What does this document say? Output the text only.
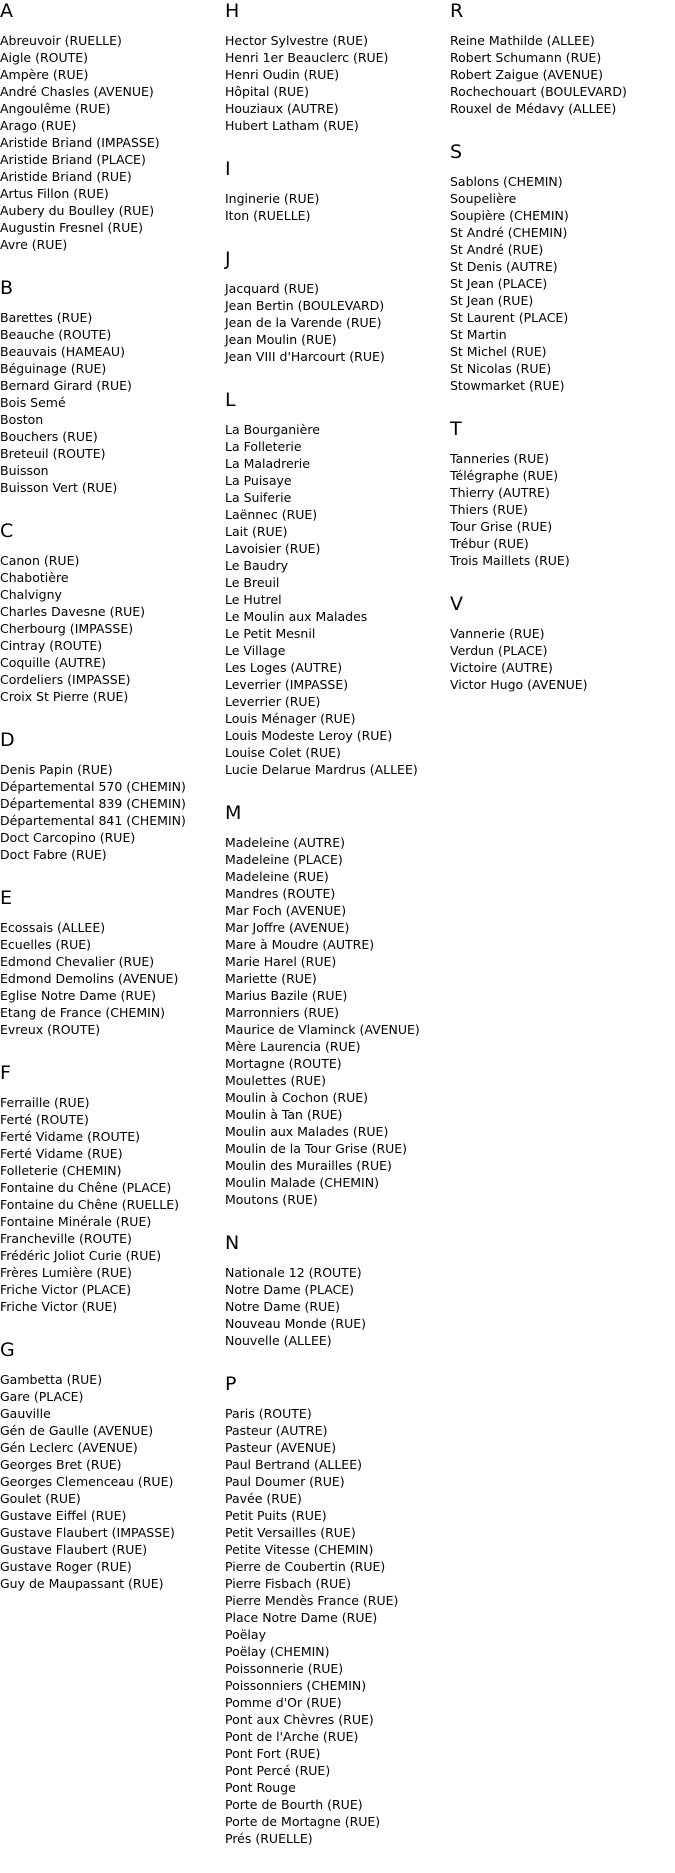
A
Abreuvoir (RUELLE)
Aigle (ROUTE)
Ampère (RUE)
André Chasles (AVENUE)
Angoulême (RUE)
Arago (RUE)
Aristide Briand (IMPASSE)
Aristide Briand (PLACE)
Aristide Briand (RUE)
Artus Fillon (RUE)
Aubery du Boulley (RUE)
Augustin Fresnel (RUE)
Avre (RUE)
B
Barettes (RUE)
Beauche (ROUTE)
Beauvais (HAMEAU)
Béguinage (RUE)
Bernard Girard (RUE)
Bois Semé
Boston
Bouchers (RUE)
Breteuil (ROUTE)
Buisson
Buisson Vert (RUE)
C
Canon (RUE)
Chabotière
Chalvigny
Charles Davesne (RUE)
Cherbourg (IMPASSE)
Cintray (ROUTE)
Coquille (AUTRE)
Cordeliers (IMPASSE)
Croix St Pierre (RUE)
D
Denis Papin (RUE)
Départemental 570 (CHEMIN)
Départemental 839 (CHEMIN)
Départemental 841 (CHEMIN)
Doct Carcopino (RUE)
Doct Fabre (RUE)
E
Ecossais (ALLEE)
Ecuelles (RUE)
Edmond Chevalier (RUE)
Edmond Demolins (AVENUE)
Eglise Notre Dame (RUE)
Etang de France (CHEMIN)
Evreux (ROUTE)
F
Ferraille (RUE)
Ferté (ROUTE)
Ferté Vidame (ROUTE)
Ferté Vidame (RUE)
Folleterie (CHEMIN)
Fontaine du Chêne (PLACE)
Fontaine du Chêne (RUELLE)
Fontaine Minérale (RUE)
Francheville (ROUTE)
Frédéric Joliot Curie (RUE)
Frères Lumière (RUE)
Friche Victor (PLACE)
Friche Victor (RUE)
G
Gambetta (RUE)
Gare (PLACE)
Gauville
Gén de Gaulle (AVENUE)
Gén Leclerc (AVENUE)
Georges Bret (RUE)
Georges Clemenceau (RUE)
Goulet (RUE)
Gustave Eiffel (RUE)
Gustave Flaubert (IMPASSE)
Gustave Flaubert (RUE)
Gustave Roger (RUE)
Guy de Maupassant (RUE)
H
Hector Sylvestre (RUE)
Henri 1er Beauclerc (RUE)
Henri Oudin (RUE)
Hôpital (RUE)
Houziaux (AUTRE)
Hubert Latham (RUE)
I
Inginerie (RUE)
Iton (RUELLE)
J
Jacquard (RUE)
Jean Bertin (BOULEVARD)
Jean de la Varende (RUE)
Jean Moulin (RUE)
Jean VIII d'Harcourt (RUE)
L
La Bourganière
La Folleterie
La Maladrerie
La Puisaye
La Suiferie
Laënnec (RUE)
Lait (RUE)
Lavoisier (RUE)
Le Baudry
Le Breuil
Le Hutrel
Le Moulin aux Malades
Le Petit Mesnil
Le Village
Les Loges (AUTRE)
Leverrier (IMPASSE)
Leverrier (RUE)
Louis Ménager (RUE)
Louis Modeste Leroy (RUE)
Louise Colet (RUE)
Lucie Delarue Mardrus (ALLEE)
M
Madeleine (AUTRE)
Madeleine (PLACE)
Madeleine (RUE)
Mandres (ROUTE)
Mar Foch (AVENUE)
Mar Joffre (AVENUE)
Mare à Moudre (AUTRE)
Marie Harel (RUE)
Mariette (RUE)
Marius Bazile (RUE)
Marronniers (RUE)
Maurice de Vlaminck (AVENUE)
Mère Laurencia (RUE)
Mortagne (ROUTE)
Moulettes (RUE)
Moulin à Cochon (RUE)
Moulin à Tan (RUE)
Moulin aux Malades (RUE)
Moulin de la Tour Grise (RUE)
Moulin des Murailles (RUE)
Moulin Malade (CHEMIN)
Moutons (RUE)
N
Nationale 12 (ROUTE)
Notre Dame (PLACE)
Notre Dame (RUE)
Nouveau Monde (RUE)
Nouvelle (ALLEE)
P
Paris (ROUTE)
Pasteur (AUTRE)
Pasteur (AVENUE)
Paul Bertrand (ALLEE)
Paul Doumer (RUE)
Pavée (RUE)
Petit Puits (RUE)
Petit Versailles (RUE)
Petite Vitesse (CHEMIN)
Pierre de Coubertin (RUE)
Pierre Fisbach (RUE)
Pierre Mendès France (RUE)
Place Notre Dame (RUE)
Poëlay
Poëlay (CHEMIN)
Poissonnerie (RUE)
Poissonniers (CHEMIN)
Pomme d'Or (RUE)
Pont aux Chèvres (RUE)
Pont de l'Arche (RUE)
Pont Fort (RUE)
Pont Percé (RUE)
Pont Rouge
Porte de Bourth (RUE)
Porte de Mortagne (RUE)
Prés (RUELLE)
R
Reine Mathilde (ALLEE)
Robert Schumann (RUE)
Robert Zaigue (AVENUE)
Rochechouart (BOULEVARD)
Rouxel de Médavy (ALLEE)
S
Sablons (CHEMIN)
Soupelière
Soupière (CHEMIN)
St André (CHEMIN)
St André (RUE)
St Denis (AUTRE)
St Jean (PLACE)
St Jean (RUE)
St Laurent (PLACE)
St Martin
St Michel (RUE)
St Nicolas (RUE)
Stowmarket (RUE)
T
Tanneries (RUE)
Télégraphe (RUE)
Thierry (AUTRE)
Thiers (RUE)
Tour Grise (RUE)
Trébur (RUE)
Trois Maillets (RUE)
V
Vannerie (RUE)
Verdun (PLACE)
Victoire (AUTRE)
Victor Hugo (AVENUE)
